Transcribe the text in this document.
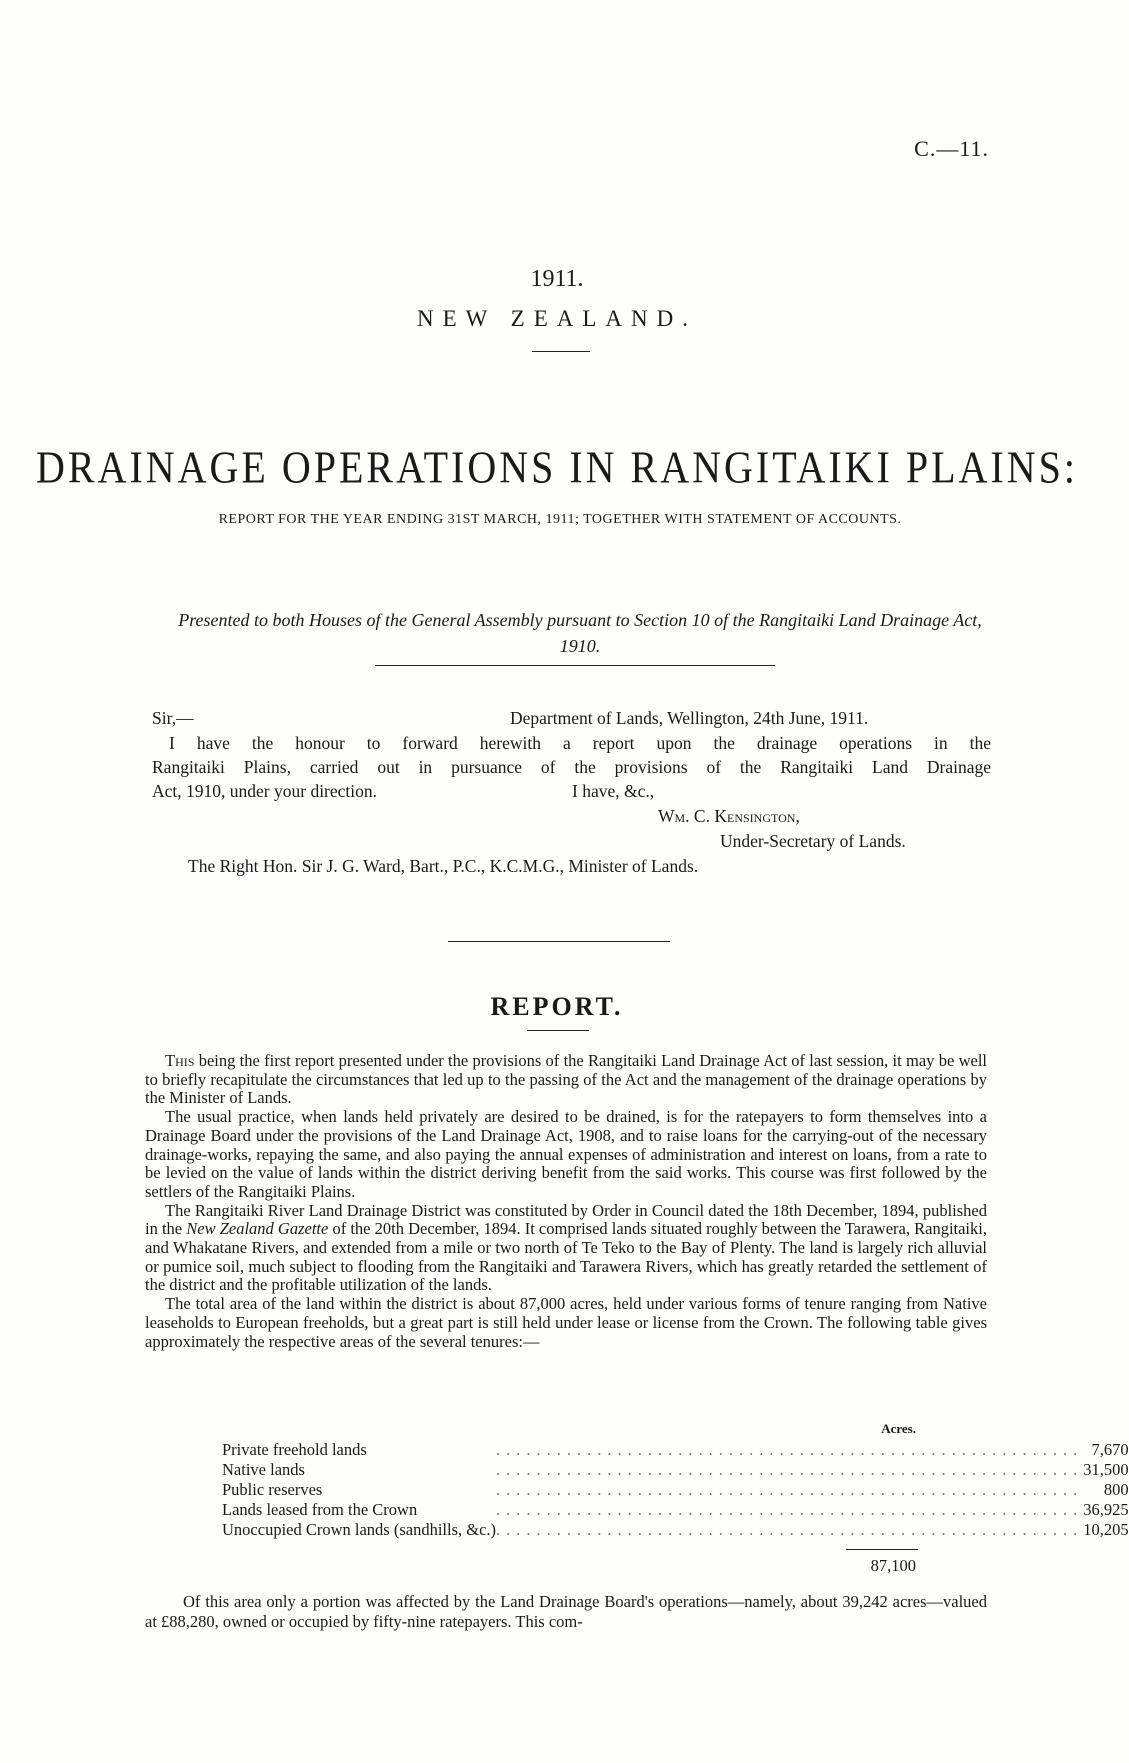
C.—11.
1911.
NEW ZEALAND.
DRAINAGE OPERATIONS IN RANGITAIKI PLAINS:
REPORT FOR THE YEAR ENDING 31ST MARCH, 1911; TOGETHER WITH STATEMENT OF ACCOUNTS.
Presented to both Houses of the General Assembly pursuant to Section 10 of the Rangitaiki Land Drainage Act, 1910.
Sir,—	Department of Lands, Wellington, 24th June, 1911.
I have the honour to forward herewith a report upon the drainage operations in the
Rangitaiki Plains, carried out in pursuance of the provisions of the Rangitaiki Land Drainage
Act, 1910, under your direction.	I have, &c.,
Wm. C. Kensington,
Under-Secretary of Lands.
The Right Hon. Sir J. G. Ward, Bart., P.C., K.C.M.G., Minister of Lands.
REPORT.

This being the first report presented under the provisions of the Rangitaiki Land Drainage Act of last session, it may be well to briefly recapitulate the circumstances that led up to the passing of the Act and the management of the drainage operations by the Minister of Lands.

The usual practice, when lands held privately are desired to be drained, is for the ratepayers to form themselves into a Drainage Board under the provisions of the Land Drainage Act, 1908, and to raise loans for the carrying-out of the necessary drainage-works, repaying the same, and also paying the annual expenses of administration and interest on loans, from a rate to be levied on the value of lands within the district deriving benefit from the said works. This course was first followed by the settlers of the Rangitaiki Plains.

The Rangitaiki River Land Drainage District was constituted by Order in Council dated the 18th December, 1894, published in the New Zealand Gazette of the 20th December, 1894. It comprised lands situated roughly between the Tarawera, Rangitaiki, and Whakatane Rivers, and extended from a mile or two north of Te Teko to the Bay of Plenty. The land is largely rich alluvial or pumice soil, much subject to flooding from the Rangitaiki and Tarawera Rivers, which has greatly retarded the settlement of the district and the profitable utilization of the lands.

The total area of the land within the district is about 87,000 acres, held under various forms of tenure ranging from Native leaseholds to European freeholds, but a great part is still held under lease or license from the Crown. The following table gives approximately the respective areas of the several tenures:—

Acres.
Private freehold lands	..........................................................	7,670
Native lands	..........................................................	31,500
Public reserves	..........................................................	800
Lands leased from the Crown	..........................................................	36,925
Unoccupied Crown lands (sandhills, &c.)	..........................................................	10,205
87,100

Of this area only a portion was affected by the Land Drainage Board's operations—namely, about 39,242 acres—valued at £88,280, owned or occupied by fifty-nine ratepayers. This com-
